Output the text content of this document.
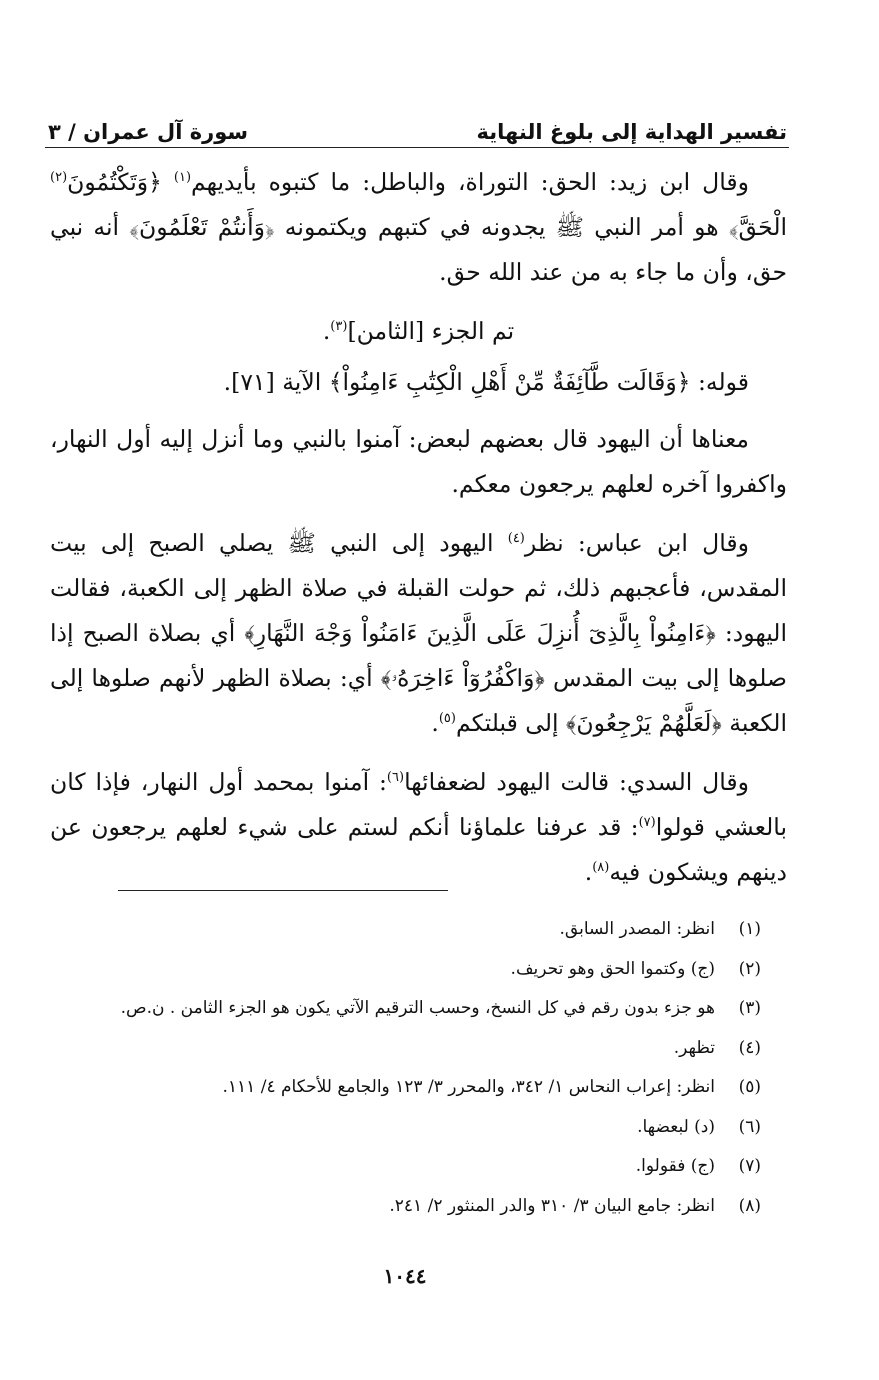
تفسير الهداية إلى بلوغ النهاية
سورة آل عمران / ٣

وقال ابن زيد: الحق: التوراة، والباطل: ما كتبوه بأيديهم$^{(١)}$ ﴿وَتَكْتُمُونَ$^{(٢)}$ الْحَقَّ﴾ هو أمر النبي ﷺ يجدونه في كتبهم ويكتمونه ﴿وَأَنتُمْ تَعْلَمُونَ﴾ أنه نبي حق، وأن ما جاء به من عند الله حق.

تم الجزء [الثامن]$^{(٣)}$.

قوله: ﴿وَقَالَت طَّآئِفَةٌ مِّنْ أَهْلِ الْكِتَٰبِ ءَامِنُواْ﴾ الآية [٧١].

معناها أن اليهود قال بعضهم لبعض: آمنوا بالنبي وما أنزل إليه أول النهار، واكفروا آخره لعلهم يرجعون معكم.

وقال ابن عباس: نظر$^{(٤)}$ اليهود إلى النبي ﷺ يصلي الصبح إلى بيت المقدس، فأعجبهم ذلك، ثم حولت القبلة في صلاة الظهر إلى الكعبة، فقالت اليهود: ﴿ءَامِنُواْ بِالَّذِىٓ أُنزِلَ عَلَى الَّذِينَ ءَامَنُواْ وَجْهَ النَّهَارِ﴾ أي بصلاة الصبح إذا صلوها إلى بيت المقدس ﴿وَاكْفُرُوٓاْ ءَاخِرَهُۥ﴾ أي: بصلاة الظهر لأنهم صلوها إلى الكعبة ﴿لَعَلَّهُمْ يَرْجِعُونَ﴾ إلى قبلتكم$^{(٥)}$.

وقال السدي: قالت اليهود لضعفائها$^{(٦)}$: آمنوا بمحمد أول النهار، فإذا كان بالعشي قولوا$^{(٧)}$: قد عرفنا علماؤنا أنكم لستم على شيء لعلهم يرجعون عن دينهم ويشكون فيه$^{(٨)}$.

(١)
انظر: المصدر السابق.
(٢)
(ج) وكتموا الحق وهو تحريف.
(٣)
هو جزء بدون رقم في كل النسخ، وحسب الترقيم الآتي يكون هو الجزء الثامن . ن.ص.
(٤)
تظهر.
(٥)
انظر: إعراب النحاس ١/ ٣٤٢، والمحرر ٣/ ١٢٣ والجامع للأحكام ٤/ ١١١.
(٦)
(د) لبعضها.
(٧)
(ج) فقولوا.
(٨)
انظر: جامع البيان ٣/ ٣١٠ والدر المنثور ٢/ ٢٤١.
١٠٤٤
